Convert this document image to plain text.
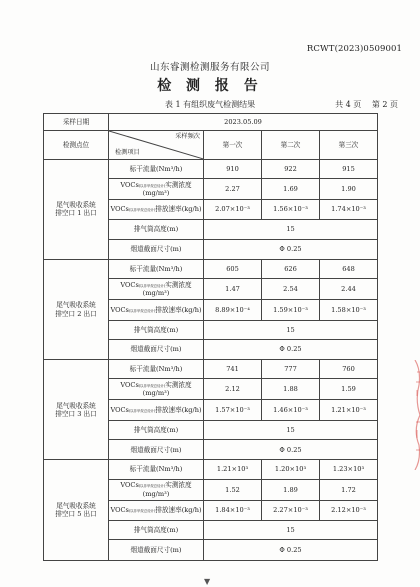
RCWT(2023)0509001
山东睿测检测服务有限公司
检 测 报 告
表 1 有组织废气检测结果	共 4 页 第 2 页
采样日期	2023.05.09			
检测点位	采样频次
检测项目	第一次	第二次	第三次
尾气吸收系统
排空口 1 出口	标干流量(Nm³/h)	910	922	915
	VOCs(以非甲烷总烃计)实测浓度(mg/m³)	2.27	1.69	1.90
	VOCs(以非甲烷总烃计)排放速率(kg/h)	2.07×10⁻³	1.56×10⁻³	1.74×10⁻³
	排气筒高度(m)	15		
	烟道截面尺寸(m)	Φ 0.25		
尾气吸收系统
排空口 2 出口	标干流量(Nm³/h)	605	626	648
	VOCs(以非甲烷总烃计)实测浓度(mg/m³)	1.47	2.54	2.44
	VOCs(以非甲烷总烃计)排放速率(kg/h)	8.89×10⁻⁴	1.59×10⁻³	1.58×10⁻³
	排气筒高度(m)	15		
	烟道截面尺寸(m)	Φ 0.25		
尾气吸收系统
排空口 3 出口	标干流量(Nm³/h)	741	777	760
	VOCs(以非甲烷总烃计)实测浓度(mg/m³)	2.12	1.88	1.59
	VOCs(以非甲烷总烃计)排放速率(kg/h)	1.57×10⁻³	1.46×10⁻³	1.21×10⁻³
	排气筒高度(m)	15		
	烟道截面尺寸(m)	Φ 0.25		
尾气吸收系统
排空口 5 出口	标干流量(Nm³/h)	1.21×10³	1.20×10³	1.23×10³
	VOCs(以非甲烷总烃计)实测浓度(mg/m³)	1.52	1.89	1.72
	VOCs(以非甲烷总烃计)排放速率(kg/h)	1.84×10⁻³	2.27×10⁻³	2.12×10⁻³
	排气筒高度(m)	15		
	烟道截面尺寸(m)	Φ 0.25		
▼
